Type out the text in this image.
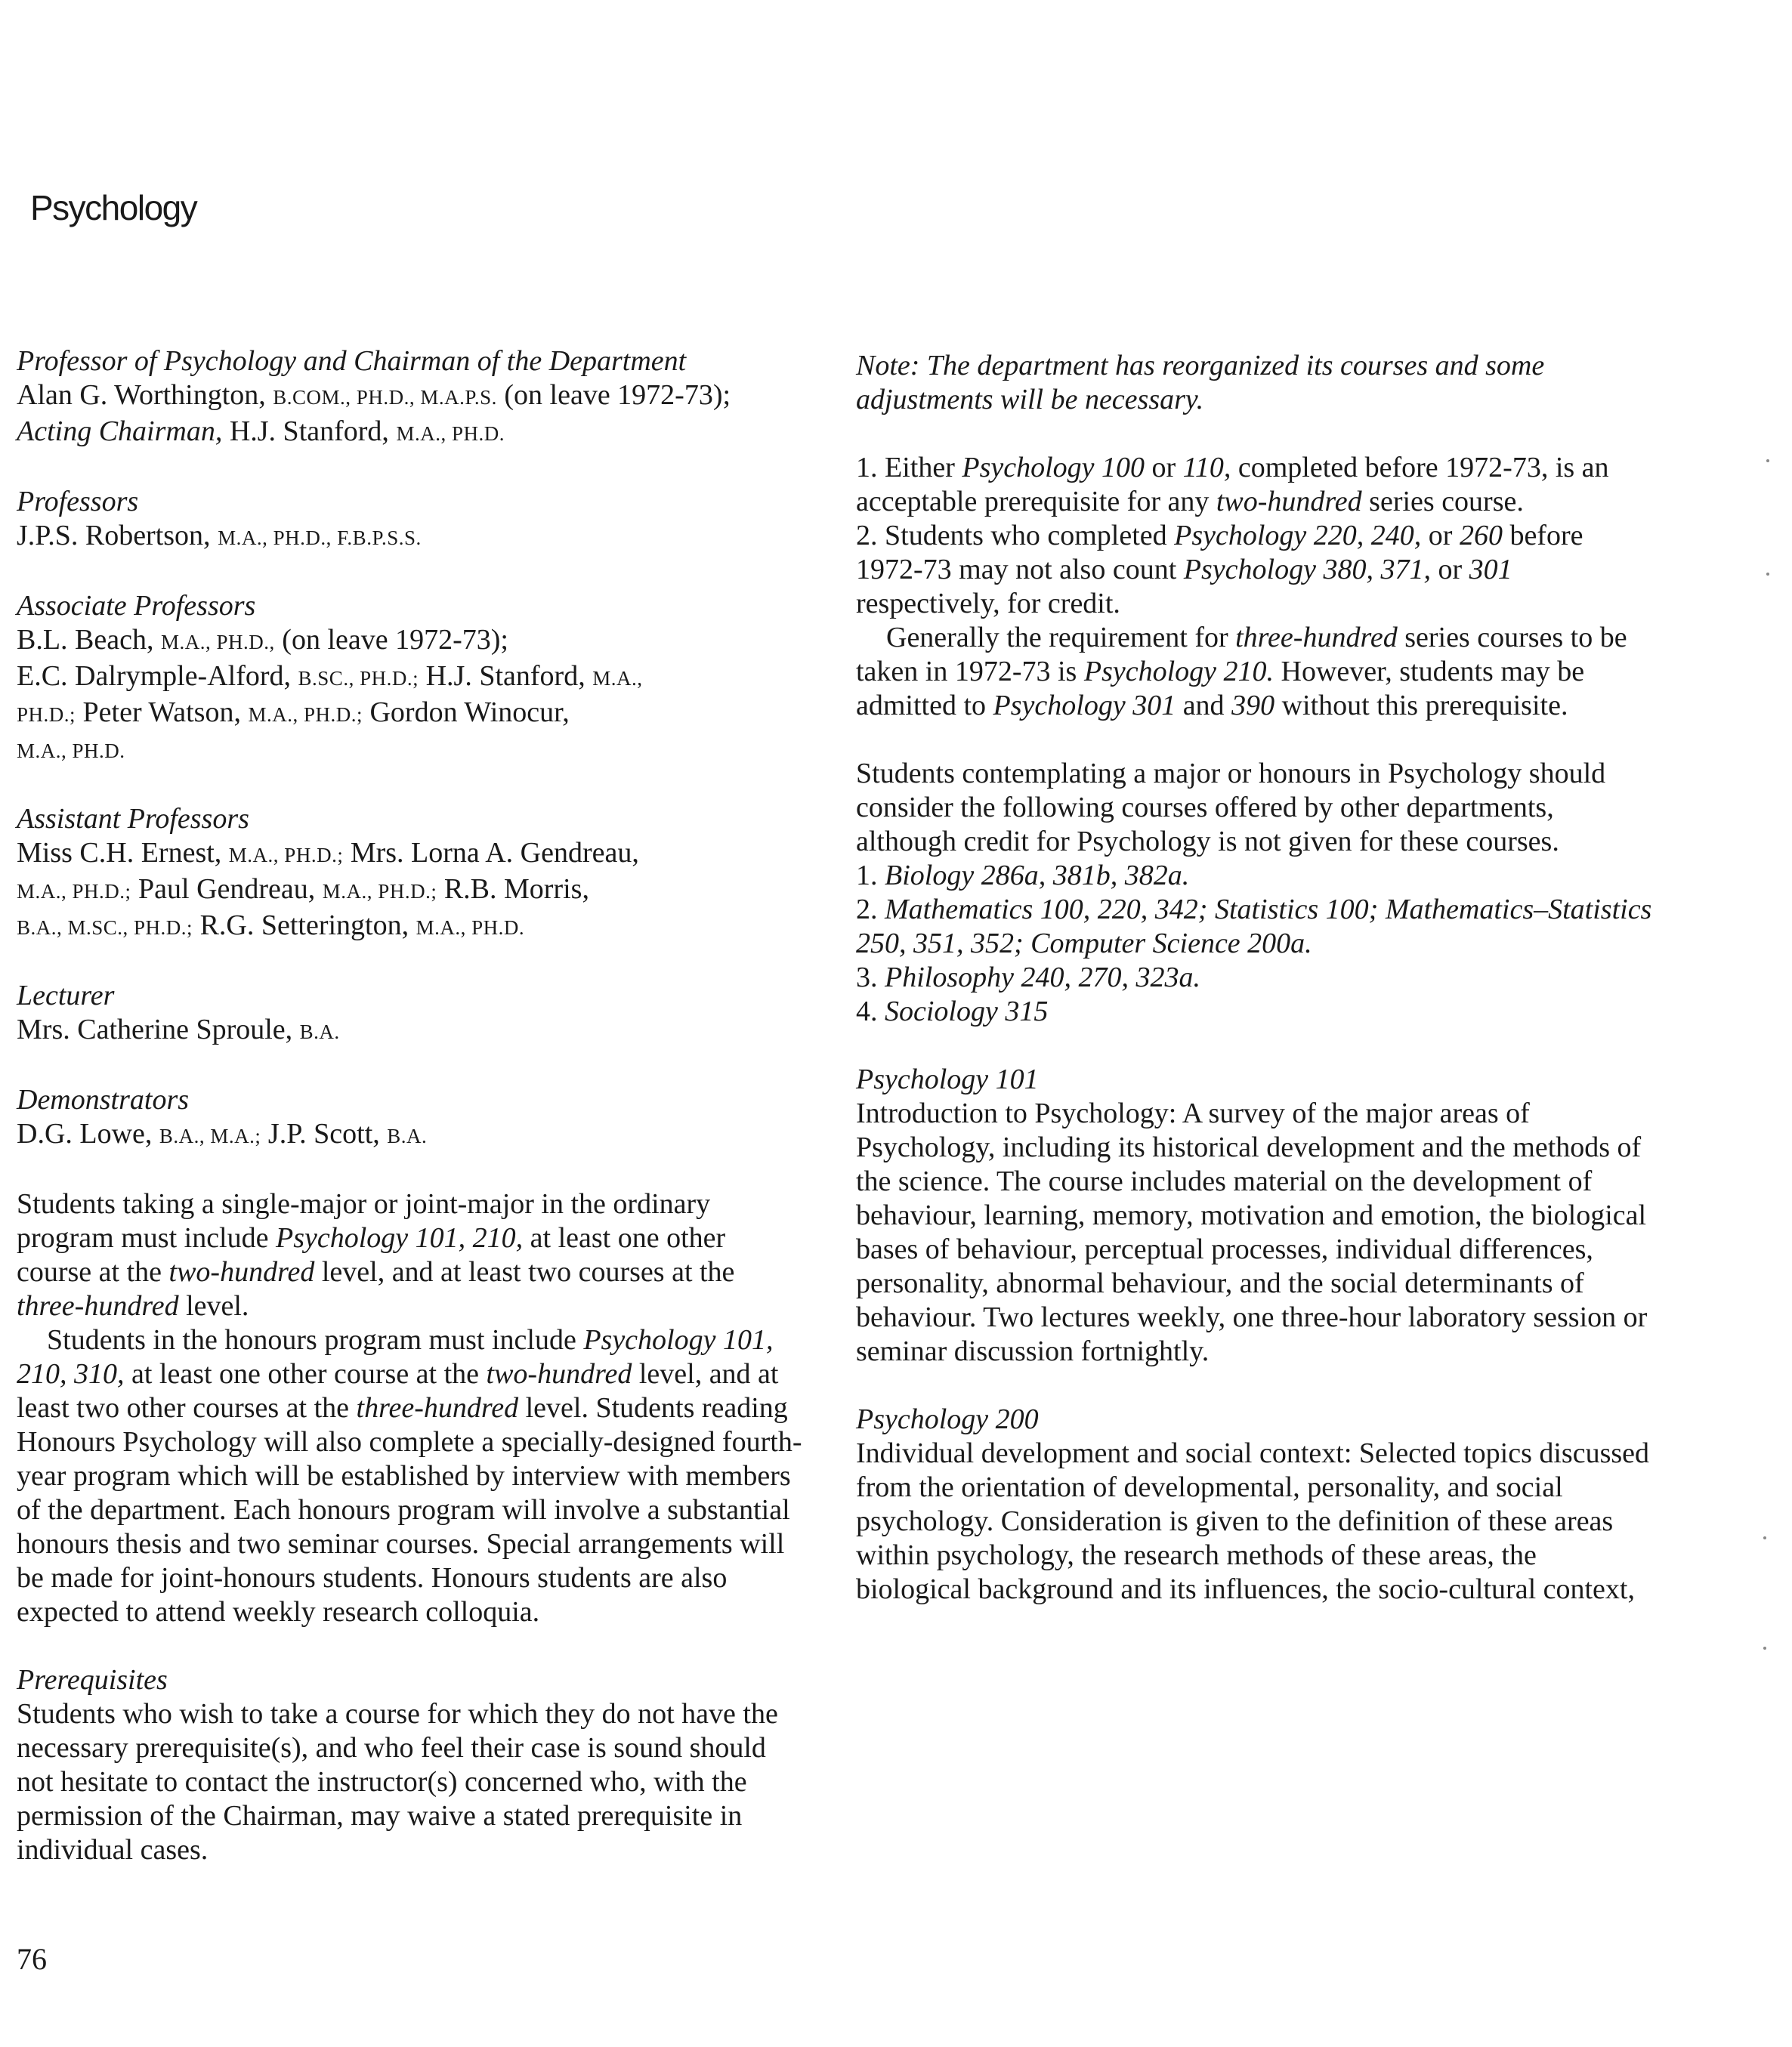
Psychology

Professor of Psychology and Chairman of the Department

Alan G. Worthington, B.COM., PH.D., M.A.P.S. (on leave 1972-73); Acting Chairman, H.J. Stanford, M.A., PH.D.

Professors

J.P.S. Robertson, M.A., PH.D., F.B.P.S.S.

Associate Professors

B.L. Beach, M.A., PH.D., (on leave 1972-73);

E.C. Dalrymple-Alford, B.SC., PH.D.; H.J. Stanford, M.A.,
PH.D.; Peter Watson, M.A., PH.D.; Gordon Winocur,
M.A., PH.D.

Assistant Professors

Miss C.H. Ernest, M.A., PH.D.; Mrs. Lorna A. Gendreau,
M.A., PH.D.; Paul Gendreau, M.A., PH.D.; R.B. Morris,
B.A., M.SC., PH.D.; R.G. Setterington, M.A., PH.D.

Lecturer

Mrs. Catherine Sproule, B.A.

Demonstrators

D.G. Lowe, B.A., M.A.; J.P. Scott, B.A.

Students taking a single-major or joint-major in the ordinary program must include Psychology 101, 210, at least one other course at the two-hundred level, and at least two courses at the three-hundred level.

Students in the honours program must include Psychology 101, 210, 310, at least one other course at the two-hundred level, and at least two other courses at the three-hundred level. Students reading Honours Psychology will also complete a specially-designed fourth-year program which will be established by interview with members of the department. Each honours program will involve a substantial honours thesis and two seminar courses. Special arrangements will be made for joint-honours students. Honours students are also expected to attend weekly research colloquia.

Prerequisites

Students who wish to take a course for which they do not have the necessary prerequisite(s), and who feel their case is sound should not hesitate to contact the instructor(s) concerned who, with the permission of the Chairman, may waive a stated prerequisite in individual cases.

Note: The department has reorganized its courses and some adjustments will be necessary.

1. Either Psychology 100 or 110, completed before 1972-73, is an acceptable prerequisite for any two-hundred series course.

2. Students who completed Psychology 220, 240, or 260 before 1972-73 may not also count Psychology 380, 371, or 301 respectively, for credit.

Generally the requirement for three-hundred series courses to be taken in 1972-73 is Psychology 210. However, students may be admitted to Psychology 301 and 390 without this prerequisite.

Students contemplating a major or honours in Psychology should consider the following courses offered by other departments, although credit for Psychology is not given for these courses.

1. Biology 286a, 381b, 382a.

2. Mathematics 100, 220, 342; Statistics 100; Mathematics–Statistics 250, 351, 352; Computer Science 200a.

3. Philosophy 240, 270, 323a.

4. Sociology 315

Psychology 101

Introduction to Psychology: A survey of the major areas of Psychology, including its historical development and the methods of the science. The course includes material on the development of behaviour, learning, memory, motivation and emotion, the biological bases of behaviour, perceptual processes, individual differences, personality, abnormal behaviour, and the social determinants of behaviour. Two lectures weekly, one three-hour laboratory session or seminar discussion fortnightly.

Psychology 200

Individual development and social context: Selected topics discussed from the orientation of developmental, personality, and social psychology. Consideration is given to the definition of these areas within psychology, the research methods of these areas, the biological background and its influences, the socio-cultural context,

76
